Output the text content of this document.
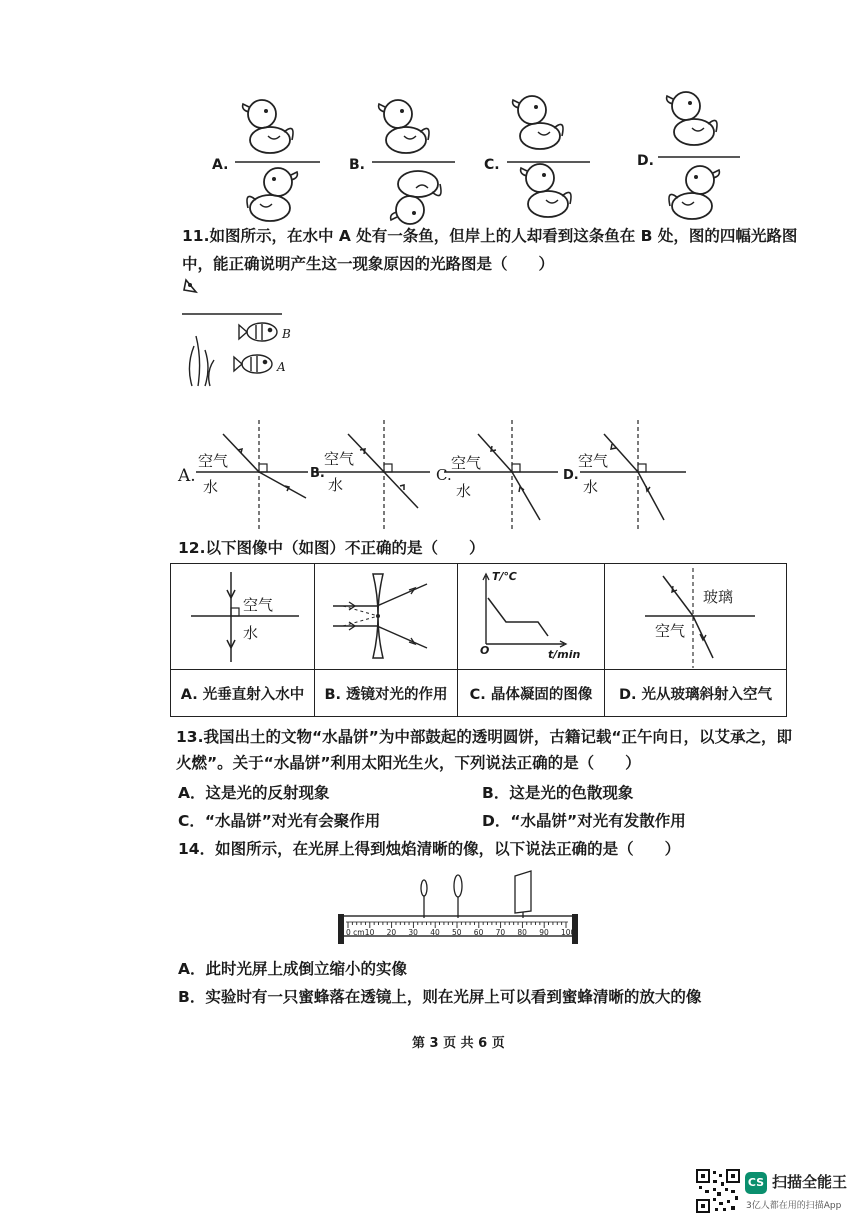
A.	B.	C.	D.
11.如图所示，在水中 A 处有一条鱼，但岸上的人却看到这条鱼在 B 处，图的四幅光路图
中，能正确说明产生这一现象原因的光路图是（　　）
B
A
A.
空气
水
B.
空气
水
C.
空气
水
D.
空气
水
12.以下图像中（如图）不正确的是（　　）
空气
水		T/℃
t/min
O	玻璃
空气

A. 光垂直射入水中	B. 透镜对光的作用	C. 晶体凝固的图像	D. 光从玻璃斜射入空气
13.我国出土的文物“水晶饼”为中部鼓起的透明圆饼，古籍记载“正午向日，以艾承之，即
火燃”。关于“水晶饼”利用太阳光生火，下列说法正确的是（　　）
A．这是光的反射现象	B．这是光的色散现象
C．“水晶饼”对光有会聚作用	D．“水晶饼”对光有发散作用
14．如图所示，在光屏上得到烛焰清晰的像，以下说法正确的是（　　）
0 cm 10 20 30 40 50 60 70 80 90 100
A．此时光屏上成倒立缩小的实像
B．实验时有一只蜜蜂落在透镜上，则在光屏上可以看到蜜蜂清晰的放大的像
第 3 页 共 6 页
CS 扫描全能王
3亿人都在用的扫描App
